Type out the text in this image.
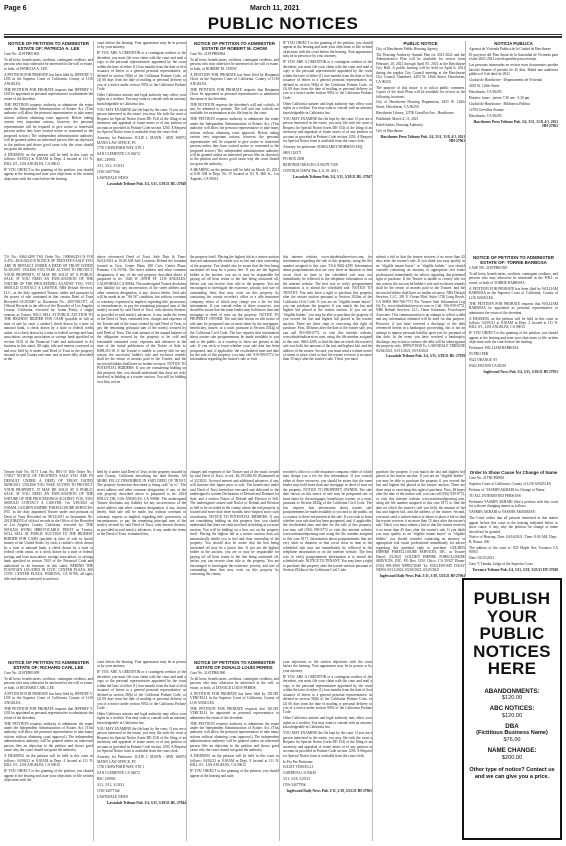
Page 6	March 11, 2021
PUBLIC NOTICES
NOTICE OF PETITION TO ADMINISTER ESTATE OF: PATRICIA A. LEE

Case No. 21STPB01865

To all heirs, beneficiaries, creditors, contingent creditors, and persons who may otherwise be interested in the will or estate, or both, of PATRICIA A. LEE.

A PETITION FOR PROBATE has been filed by JEFFERY V. LEE in the Superior Court of California, County of LOS ANGELES.

THE PETITION FOR PROBATE requests that JEFFERY V. LEE be appointed as personal representative to administer the estate of the decedent.

THE PETITION requests authority to administer the estate under the Independent Administration of Estates Act. (This authority will allow the personal representative to take many actions without obtaining court approval. Before taking certain very important actions, however, the personal representative will be required to give notice to interested persons unless they have waived notice or consented to the proposed action.) The independent administration authority will be granted unless an interested person files an objection to the petition and shows good cause why the court should not grant the authority.

A HEARING on the petition will be held in this court as follows: 04/05/21 at 8:30AM in Dept. 4 located at 111 N. HILL ST., LOS ANGELES, CA 90012

IF YOU OBJECT to the granting of the petition, you should appear at the hearing and state your objections or file written objections with the court before the hearing.

T.S. No.: 9462-4209 TSG Order No.: 190066225-CA-VOI A.P.N.: 4016-025-019 NOTICE OF TRUSTEE'S SALE YOU ARE IN DEFAULT UNDER A DEED OF TRUST DATED 01/18/2007. UNLESS YOU TAKE ACTION TO PROTECT YOUR PROPERTY, IT MAY BE SOLD AT A PUBLIC SALE. IF YOU NEED AN EXPLANATION OF THE NATURE OF THE PROCEEDING AGAINST YOU, YOU SHOULD CONTACT A LAWYER. NBS Default Services, LLC, as the duly appointed Trustee, under and pursuant to the power of sale contained in that certain Deed of Trust Recorded 01/29/2007 as Document No.: 20070181377, of Official Records in the office of the Recorder of Los Angeles County, California, executed by: Joann Pretty, a single woman, as Trustor, WILL SELL AT PUBLIC AUCTION TO THE HIGHEST BIDDER FOR CASH (payable in full at time of sale by cash, a cashier's check drawn by a state or national bank, a check drawn by a state or federal credit union, or a check drawn by a state or federal savings and loan association, savings association or savings bank specified in section 5102 of the Financial Code and authorized to do business in this state). All right, title and interest conveyed to and now held by it under said Deed of Trust in the property situated in said County and state, and as more fully described in the

Trustee Sale No. 8171 Loan No. R81-15 Title Order No.: 170027 NOTICE OF TRUSTEE'S SALE YOU ARE IN DEFAULT UNDER A DEED OF TRUST DATED 08/08/2011. UNLESS YOU TAKE ACTION TO PROTECT YOUR PROPERTY, IT MAY BE SOLD AT A PUBLIC SALE. IF YOU NEED AN EXPLANATION OF THE NATURE OF THE PROCEEDINGS AGAINST YOU, YOU SHOULD CONTACT A LAWYER. On 3/18/2021 at 9:00AM, GOLDEN EMPIRE FORECLOSURE SERVICES, INC. as the duly appointed Trustee under and pursuant to Deed of Trust Recorded on 08/12/2011 as Instrument No. 20111084555 of official records in the Office of the Recorder of Los Angeles County, California, executed by: THE WEILDA WONG IRREVOCABLE TRUST as Trustor, WILL SELL AT PUBLIC AUCTION TO THE HIGHEST BIDDER FOR CASH (payable at time of sale in lawful money of the United States, by cash, a cashier's check drawn by a state or national bank, a check drawn by a state or federal credit union, or a check drawn by a state or federal savings and loan association, savings association, or savings bank specified in section 5102 of the Financial Code and authorized to do business in this state), BEHIND THE FOUNTAIN LOCATED IN CIVIC CENTER PLAZA, 400 CIVIC CENTER PLAZA, POMONA, CA 91766, all right, title and interest conveyed to and now

NOTICE OF PETITION TO ADMINISTER ESTATE OF: RICHARD CARL LEE

Case No. 21STPB01909

To all heirs, beneficiaries, creditors, contingent creditors, and persons who may otherwise be interested in the will or estate, or both, of RICHARD CARL LEE.

A PETITION FOR PROBATE has been filed by JEFFERY V. LEE in the Superior Court of California, County of LOS ANGELES.

THE PETITION FOR PROBATE requests that JEFFERY V. LEE be appointed as personal representative to administer the estate of the decedent.

THE PETITION requests authority to administer the estate under the Independent Administration of Estates Act. (This authority will allow the personal representative to take many actions without obtaining court approval.) The independent administration authority will be granted unless an interested person files an objection to the petition and shows good cause why the court should not grant the authority.

A HEARING on the petition will be held in this court as follows: 04/06/21 at 8:30AM in Dept. 4 located at 111 N. HILL ST., LOS ANGELES, CA 90012

IF YOU OBJECT to the granting of the petition, you should appear at the hearing and state your objections or file written objections with the

court before the hearing. Your appearance may be in person or by your attorney.

IF YOU ARE A CREDITOR or a contingent creditor of the decedent, you must file your claim with the court and mail a copy to the personal representative appointed by the court within the later of either (1) four months from the date of first issuance of letters to a general personal representative, as defined in section 58(b) of the California Probate Code, or (2) 60 days from the date of mailing or personal delivery to you of a notice under section 9052 of the California Probate Code.

Other California statutes and legal authority may affect your rights as a creditor. You may want to consult with an attorney knowledgeable in California law.

YOU MAY EXAMINE the file kept by the court. If you are a person interested in the estate, you may file with the court a Request for Special Notice (form DE-154) of the filing of an inventory and appraisal of estate assets or of any petition or account as provided in Probate Code section 1250. A Request for Special Notice form is available from the court clerk.

Attorney for Petitioner: JULIE I. MANN - SBN 169072 MANN LAW OFFICE, PC

1750 CRAWFORD WAY, STE 1

SAN CLEMENTE CA 92672

BSC 219901

3/11, 3/12, 3/18/21

CNS-3447706#

LAWNDALE NEWS

Lawndale Tribune Pub. 3/4, 3/11, 3/18/21 HL-27948

above referenced Deed of Trust. Sale Date & Time: 04/13/2021 at 10:00 AM Sale Location: Behind the fountain located in Civic Center Plaza, 400 Civic Center Plaza, Pomona, CA 91766. The street address and other common designation, if any, of the real property described above is purported to be: 1026 W 109TH ST, LOS ANGELES, CALIFORNIA CA 90044. The undersigned Trustee disclaims any liability for any incorrectness of the street address and other common designation, if any, shown herein. Said sale will be made in an "AS IS" condition, but without covenant or warranty, expressed or implied, regarding title, possession, or encumbrances, to pay the remaining principal sum of the note(s) secured by said Deed of Trust, with interest thereon, as provided in said note(s), advances, if any, under the terms of the Deed of Trust, estimated fees, charges and expenses of the Trustee and of the trusts created by said Deed of Trust, to pay the remaining principal sum of the note(s) secured by said Deed of Trust. The total amount of the unpaid balance of the obligation secured by the property to be sold and reasonable estimated costs, expenses and advances at the time of the initial publication of the Notice of Sale is: $388,219.18. If the Trustee is unable to convey title for any reason, the successful bidder's sole and exclusive remedy shall be the return of monies paid to the Trustee, and the successful bidder shall have no further recourse. NOTICE TO POTENTIAL BIDDERS: If you are considering bidding on this property lien, you should understand that there are risks involved in bidding at a trustee auction. You will be bidding on a lien, not on

held by it under said Deed of Trust in the property situated in said County, California describing the land therein: AS MORE FULLY DESCRIBED IN SAID DEED OF TRUST. The property heretofore described is being sold "as is". The street address and other common designation, if any, of the real property described above is purported to be: 2424 HOLLY DR, LOS ANGELES, CA 90068. The undersigned Trustee disclaims any liability for any incorrectness of the street address and other common designation, if any, shown herein. Said sale will be made, but without covenant or warranty, express or implied, regarding title, possession, or encumbrances, to pay the remaining principal sum of the note(s) secured by said Deed of Trust, with interest thereon, as provided in said note(s), advances, if any, under the terms of the Deed of Trust, estimated fees,

court before the hearing. Your appearance may be in person or by your attorney.

IF YOU ARE A CREDITOR or a contingent creditor of the decedent, you must file your claim with the court and mail a copy to the personal representative appointed by the court within the later of either (1) four months from the date of first issuance of letters to a general personal representative, as defined in section 58(b) of the California Probate Code, or (2) 60 days from the date of mailing or personal delivery to you of a notice under section 9052 of the California Probate Code.

Other California statutes and legal authority may affect your rights as a creditor. You may want to consult with an attorney knowledgeable in California law.

YOU MAY EXAMINE the file kept by the court. If you are a person interested in the estate, you may file with the court a Request for Special Notice (form DE-154) of the filing of an inventory and appraisal of estate assets or of any petition or account as provided in Probate Code section 1250. A Request for Special Notice form is available from the court clerk.

Attorney for Petitioner: JULIE I. MANN - SBN 169072 MANN LAW OFFICE, PC

1750 CRAWFORD WAY, STE 1

SAN CLEMENTE CA 92672

BSC 219902

3/11, 3/12, 3/18/21

CNS-3447716#

LAWNDALE NEWS

Lawndale Tribune Pub. 3/4, 3/11, 3/18/21 HL-27944
NOTICE OF PETITION TO ADMINISTER ESTATE OF ROBERT M. CHOW

Case No. 21STPB00962

To all heirs, beneficiaries, creditors, contingent creditors, and persons who may otherwise be interested in the will or estate, or both, of ROBERT M. CHOW

A PETITION FOR PROBATE has been filed by Benjamin Chow in the Superior Court of California, County of LOS ANGELES.

THE PETITION FOR PROBATE requests that Benjamin Chow be appointed as personal representative to administer the estate of the decedent.

THE PETITION requests the decedent's will and codicils, if any, be admitted to probate. The will and any codicils are available for examination in the file kept by the court.

THE PETITION requests authority to administer the estate under the Independent Administration of Estates Act. (This authority will allow the personal representative to take many actions without obtaining court approval. Before taking certain very important actions, however, the personal representative will be required to give notice to interested persons unless they have waived notice or consented to the proposed action.) The independent administration authority will be granted unless an interested person files an objection to the petition and shows good cause why the court should not grant the authority.

A HEARING on the petition will be held on March 25, 2021 at 8:30 AM in Dept. No. 67 located at 111 N. Hill St., Los Angeles, CA 90012.

the property itself. Placing the highest bid at a trustee auction does not automatically entitle you to free and clear ownership of the property. You should also be aware that the lien being auctioned off may be a junior lien. If you are the highest bidder at the auction, you are or may be responsible for paying off all liens senior to the lien being auctioned off, before you can receive clear title to the property. You are encouraged to investigate the existence, priority, and size of outstanding liens that may exist on this property by contacting the county recorder's office or a title insurance company, either of which may charge you a fee for this information. If you consult either of these resources, you should be aware that the same lender may hold more than one mortgage or deed of trust on the property. NOTICE TO PROPERTY OWNER: The sale date shown on this notice of sale may be postponed one or more times by the mortgagee, beneficiary, trustee, or a court, pursuant to Section 2924g of the California Civil Code. The law requires that information about trustee sale postponements be made available to you and to the public, as a courtesy to those not present at the sale. If you wish to learn whether your sale date has been postponed, and, if applicable, the rescheduled time and date for the sale of this property, you may call, 916-939-0772 for information regarding the trustee's sale or visit

charges and expenses of the Trustee and of the trusts created by said Deed of Trust, to-wit: $2,155,000.00 (Estimated) as of 3/2/2021. Accrued interest and additional advances, if any, will increase this figure prior to sale. The beneficiary under said Deed of Trust heretofore executed and delivered to the undersigned a written Declaration of Default and Demand for Sale, and a written Notice of Default and Election to Sell. The undersigned caused said Notice of Default and Election to Sell to be recorded in the county where the real property is located and more than three months have elapsed since such recordation. NOTICE TO POTENTIAL BIDDERS: If you are considering bidding on this property lien, you should understand that there are risks involved in bidding at a trustee auction. You will be bidding on a lien, not on the property itself. Placing the highest bid at a trustee auction does not automatically entitle you to free and clear ownership of the property. You should also be aware that the lien being auctioned off may be a junior lien. If you are the highest bidder at the auction, you are or may be responsible for paying off all liens senior to the lien being auctioned off, before you can receive clear title to the property. You are encouraged to investigate the existence, priority, and size of outstanding liens that may exist on this property by contacting the county

NOTICE OF PETITION TO ADMINISTER ESTATE OF DONALD LOUIS PERRIS

Case No. 21STPB01900

To all heirs, beneficiaries, creditors, contingent creditors, and persons who may otherwise be interested in the will, or estate, or both, of DONALD LOUIS PERRIS.

A PETITION FOR PROBATE has been filed by JULIET VERCELLI in the Superior Court of California, County of LOS ANGELES.

THE PETITION FOR PROBATE requests that JULIET VERCELLI be appointed as personal representative to administer the estate of the decedent.

THE PETITION requests authority to administer the estate under the Independent Administration of Estates Act. (This authority will allow the personal representative to take many actions without obtaining court approval.) The independent administration authority will be granted unless an interested person files an objection to the petition and shows good cause why the court should not grant the authority.

A HEARING on the petition will be held in this court as follows: 04/02/21 at 8:30AM in Dept. 9 located at 111 N. HILL ST., LOS ANGELES, CA 90012

IF YOU OBJECT to the granting of the petition, you should appear at the hearing and state

IF YOU OBJECT to the granting of the petition, you should appear at the hearing and state your objections or file written objections with the court before the hearing. Your appearance may be in person or by your attorney.

IF YOU ARE A CREDITOR or a contingent creditor of the decedent, you must file your claim with the court and mail a copy to the personal representative appointed by the court within the later of either (1) four months from the date of first issuance of letters to a general personal representative, as defined in section 58(b) of the California Probate Code, or (2) 60 days from the date of mailing or personal delivery to you of a notice under section 9052 of the California Probate Code.

Other California statutes and legal authority may affect your rights as a creditor. You may want to consult with an attorney knowledgeable in California law.

YOU MAY EXAMINE the file kept by the court. If you are a person interested in the estate, you may file with the court a Request for Special Notice (form DE-154) of the filing of an inventory and appraisal of estate assets or of any petition or account as provided in Probate Code section 1250. A Request for Special Notice form is available from the court clerk.

Attorney for petitioner: MARGARET HOHMAN ESQ

SBN 126371

PO BOX 2858

REDONDO BEACH CA 90278-7358

CN974028 CHOW Mar 4,11,18, 2021

Lawndale Tribune Pub. 3/4, 3/11, 3/18/21 HL-27947

this internet website, www.nbsdefaultservices.com, for information regarding the sale of this property, using the file number assigned to this case, T.S.# 9462-4209. Information about postponements that are very short in duration or that occur close in time to the scheduled sale may not immediately be reflected in the telephone information or on the internet website. The best way to verify postponement information is to attend the scheduled sale. NOTICE TO TENANT: You may have a right to purchase this property after the trustee auction pursuant to Section 2924m of the California Civil Code. If you are an "eligible tenant buyer," you can purchase the property if you match the last and highest bid placed at the trustee auction. If you are an "eligible bidder," you may be able to purchase the property if you exceed the last and highest bid placed at the trustee auction. There are three steps to exercising this right of purchase. First, 48 hours after the date of the trustee sale, you can call 916-939-0772, or visit this internet website, www.nbsdefaultservices.com, using the file number assigned to this case, 9462-4209, to find the date on which the trustee's sale was held, the amount of the last and highest bid, and the address of the trustee. Second, you must send a written notice of intent to place a bid so that the trustee receives it no more than 15 days after the trustee's sale. Third, you must

recorder's office or a title insurance company, either of which may charge you a fee for this information. If you consult either of these resources, you should be aware that the same lender may hold more than one mortgage or deed of trust on the property. NOTICE TO PROPERTY OWNER: The sale date shown on this notice of sale may be postponed one or more times by the mortgagee, beneficiary, trustee, or a court, pursuant to Section 2924g of the California Civil Code. The law requires that information about trustee sale postponements be made available to you and to the public, as a courtesy to those not present at the sale. If you wish to learn whether your sale date has been postponed, and, if applicable, the rescheduled time and date for the sale of this property, you may call (916) 939-0772 or visit this internet website www.nationwideposting.com using the file number assigned to this case 8171. Information about postponements that are very short in duration or that occur close in time to the scheduled sale may not immediately be reflected in the telephone information or on the internet website. The best way to verify postponement information is to attend the scheduled sale. NOTICE TO TENANT: You may have a right to purchase this property after the trustee auction pursuant to Section 2924m of the California Civil Code.

your objections or file written objections with the court before the hearing. Your appearance may be in person or by your attorney.

IF YOU ARE A CREDITOR or a contingent creditor of the decedent, you must file your claim with the court and mail a copy to the personal representative appointed by the court within the later of either (1) four months from the date of first issuance of letters to a general personal representative, as defined in section 58(b) of the California Probate Code, or (2) 60 days from the date of mailing or personal delivery to you of a notice under section 9052 of the California Probate Code.

Other California statutes and legal authority may affect your rights as a creditor. You may want to consult with an attorney knowledgeable in California law.

YOU MAY EXAMINE the file kept by the court. If you are a person interested in the estate, you may file with the court a Request for Special Notice (form DE-154) of the filing of an inventory and appraisal of estate assets or of any petition or account as provided in Probate Code section 1250. A Request for Special Notice form is available from the court clerk.

In Pro Per Petitioner:

JULIET VERCELLI

GARDENA CA 90249

3/11, 3/18, 3/25/21

CNS-3447795#

Inglewood Daily News Pub. 3/11, 3/18, 3/25/21 HI-27965
PUBLIC NOTICE

City of Hawthorne Public Housing Agency

The Housing Authority Annual Plan for 2021-2022 and the Administrative Plan will be available for review from February 20, 2021 through April 05, 2021 at the Hawthorne City Hall. A public hearing will be held on April 6, 2021 during the regular City Council meeting at the Hawthorne City Council Chambers, 4455 W. 126th Street, Hawthorne, CA 90250.

The purpose of this notice is to solicit public comment. Copies of the draft Plans will be available for review in the following locations:

City of Hawthorne Housing Department, 4455 W. 126th Street, Hawthorne, CA 90250

Hawthorne Library, 12700 Grevillea Ave., Hawthorne

Published: March 4, 11, 2021

Kaleb Sarkis, Housing Authority

City of Hawthorne

Hawthorne Press Tribune Pub. 3/4, 3/11, 3/18, 4/1, 2021 HH-27963

submit a bid so that the trustee receives it no more than 45 days after the trustee's sale. If you think you may qualify as an "eligible tenant buyer" or "eligible bidder," you should consider contacting an attorney or appropriate real estate professional immediately for advice regarding this potential right to purchase. If the Trustee is unable to convey title for any reason, the successful bidder's sole and exclusive remedy shall be the return of monies paid to the Trustee, and the successful bidder shall have no further recourse. NBS Default Services, LLC, 301 E. Ocean Blvd. Suite 1720 Long Beach, CA 90802 800-766-7751 For Trustee Sale Information Log On To: www.nbsdefaultservices.com or Call: 916-939-0772. NBS Default Services, LLC, Omar Solorzano, Foreclosure Associate. This communication is an attempt to collect a debt and any information obtained will be used for that purpose. However, if you have received a discharge of the debt referenced herein in a bankruptcy proceeding, this is not an attempt to impose personal liability upon you for payment of that debt. In the event you have received a bankruptcy discharge, any action to enforce the debt will be taken against the property only. NPP0371838 To: LAWNDALE TRIBUNE 03/04/2021, 03/11/2021, 03/18/2021

Lawndale Tribune Pub. 3/4, 3/11, 3/18/21 HL-27939

purchase the property if you match the last and highest bid placed at the trustee auction. If you are an "eligible bidder," you may be able to purchase the property if you exceed the last and highest bid placed at the trustee auction. There are three steps to exercising this right of purchase. First, 48 hours after the date of the trustee sale, you can call (916) 939-0772, or visit this internet website www.nationwideposting.com, using the file number assigned to this case 8171 to find the date on which the trustee's sale was held, the amount of the last and highest bid, and the address of the trustee. Second, you must send a written notice of intent to place a bid so that the trustee receives it no more than 15 days after the trustee's sale. Third, you must submit a bid so that the trustee receives it no more than 45 days after the trustee's sale. If you think you may qualify as an "eligible tenant buyer" or "eligible bidder," you should consider contacting an attorney or appropriate real estate professional immediately for advice regarding this potential right to purchase. GOLDEN EMPIRE FORECLOSURE SERVICES, INC. as Trustee Dated: 3/2/2021 GOLDEN EMPIRE FORECLOSURE SERVICES, INC. PO Box 1350, Chico, CA 95927 Phone: (530) 893-2900 NPP0372049 To: INGLEWOOD DAILY NEWS 03/11/2021, 03/18/2021, 03/25/2021

Inglewood Daily News Pub. 3/11, 3/18, 3/25/21 HI-27964
NOTICIA PUBLICA

Agencia de Vivienda Publica de la Ciudad de Hawthorne

El proyecto del Plan Anual de la Autoridad de Vivienda para el año 2021-2022 está disponible para revisión.

Las personas interesadas en revisar estos documentos pueden hacerlo durante el periodo de 45 días. Habrá una audiencia pública el 6 de abril de 2021.

Ciudad de Hawthorne - Departamento de Vivienda

4455 W. 126th Street

Hawthorne, CA 90250

Horario: lunes - jueves 7:30 am - 5:30 pm

Ciudad de Hawthorne - Biblioteca Pública

12700 Grevillea Avenue

Hawthorne, CA 90250

Hawthorne Press Tribune Pub. 3/4, 3/11, 3/18, 4/1, 2021 HH-27962
NOTICE OF PETITION TO ADMINISTER ESTATE OF: TORRIE BARBOSA

CASE NO. 21STPB01929

To all heirs, beneficiaries, creditors, contingent creditors, and persons who may otherwise be interested in the WILL or estate, or both of TORRIE BARBOSA.

A PETITION FOR PROBATE has been filed by WILLIAM BARBOSA in the Superior Court of California, County of LOS ANGELES.

THE PETITION FOR PROBATE requests that WILLIAM BARBOSA be appointed as personal representative to administer the estate of the decedent.

A HEARING on the petition will be held in this court as follows: 04/05/21 at 8:30AM in Dept. 2 located at 111 N. HILL ST., LOS ANGELES, CA 90012

IF YOU OBJECT to the granting of the petition, you should appear at the hearing and state your objections or file written objections with the court before the hearing.

Petitioner: WILLIAM BARBOSA

IN PRO PER

9323 ORANGE ST

INGLEWOOD CA 90301

Inglewood News Pub. 3/4, 3/11, 3/18/21 HI-27953
Order to Show Cause for Change of Name

Case No. 21TRCP00061

Superior Court of California, County of LOS ANGELES

Petition of: YASMIN AKBARI for Change of Name

TO ALL INTERESTED PERSONS:

Petitioner YASMIN AKBARI filed a petition with this court for a decree changing names as follows:

YASMIN AKBARI to YASMIN AKBARIAN

The Court orders that all persons interested in this matter appear before this court at the hearing indicated below to show cause, if any, why the petition for change of name should not be granted.

Notice of Hearing: Date: 04/16/2021, Time: 8:30 AM, Dept.: B, Room: 200

The address of the court is: 825 Maple Ave, Torrance CA 90503

Date: 02/25/2021

Gary Y. Tanaka, Judge of the Superior Court

Torrance Tribune Pub. 3/4, 3/11, 3/18, 3/25/21 HT-27949
PUBLISH
YOUR
PUBLIC
NOTICES
HERE
ABANDONMENTS:
$120.00
ABC NOTICES:
$120.00
DBA
(Fictitious Business Name)
$76.00
NAME CHANGE:
$200.00
Other type of notice? Contact us and we can give you a price.
